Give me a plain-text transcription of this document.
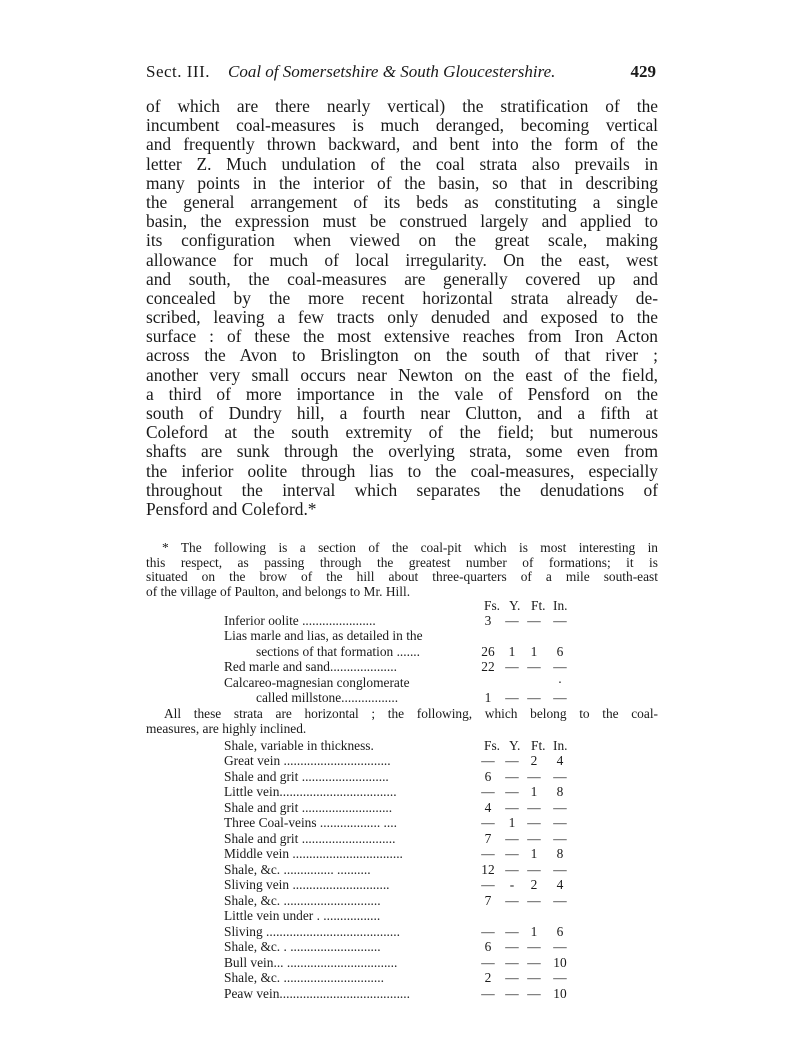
Sect. III. Coal of Somersetshire & South Gloucestershire.	429
of which are there nearly vertical) the stratification of the
incumbent coal-measures is much deranged, becoming vertical
and frequently thrown backward, and bent into the form of the
letter Z. Much undulation of the coal strata also prevails in
many points in the interior of the basin, so that in describing
the general arrangement of its beds as constituting a single
basin, the expression must be construed largely and applied to
its configuration when viewed on the great scale, making
allowance for much of local irregularity. On the east, west
and south, the coal-measures are generally covered up and
concealed by the more recent horizontal strata already de-
scribed, leaving a few tracts only denuded and exposed to the
surface : of these the most extensive reaches from Iron Acton
across the Avon to Brislington on the south of that river ;
another very small occurs near Newton on the east of the field,
a third of more importance in the vale of Pensford on the
south of Dundry hill, a fourth near Clutton, and a fifth at
Coleford at the south extremity of the field; but numerous
shafts are sunk through the overlying strata, some even from
the inferior oolite through lias to the coal-measures, especially
throughout the interval which separates the denudations of
Pensford and Coleford.*
* The following is a section of the coal-pit which is most interesting in
this respect, as passing through the greatest number of formations; it is
situated on the brow of the hill about three-quarters of a mile south-east
of the village of Paulton, and belongs to Mr. Hill.
Fs. Y. Ft. In.
Inferior oolite ......................	3	— — —
Lias marle and lias, as detailed in the
sections of that formation .......	26	1	1	6
Red marle and sand....................	22 — — —
Calcareo-magnesian conglomerate	·
called millstone.................	1	— — —
Shale, variable in thickness.	Fs. Y. Ft. In.
Great vein ................................	— — 2	4
Shale and grit ..........................	6	— — —
Little vein...................................	— — 1	8
Shale and grit ...........................	4	— — —
Three Coal-veins .................. ....	—	1 — —
Shale and grit ............................	7	— — —
Middle vein .................................	— — 1	8
Shale, &c. ............... ..........	12 — — —
Sliving vein .............................	—	-	2	4
Shale, &c. .............................	7	— — —
Little vein under . .................
Sliving ........................................	— — 1	6
Shale, &c. . ...........................	6	— — —
Bull vein... .................................	— — — 10
Shale, &c. ..............................	2	— — —
Peaw vein.......................................	— — — 10
All these strata are horizontal ; the following, which belong to the coal-
measures, are highly inclined.
